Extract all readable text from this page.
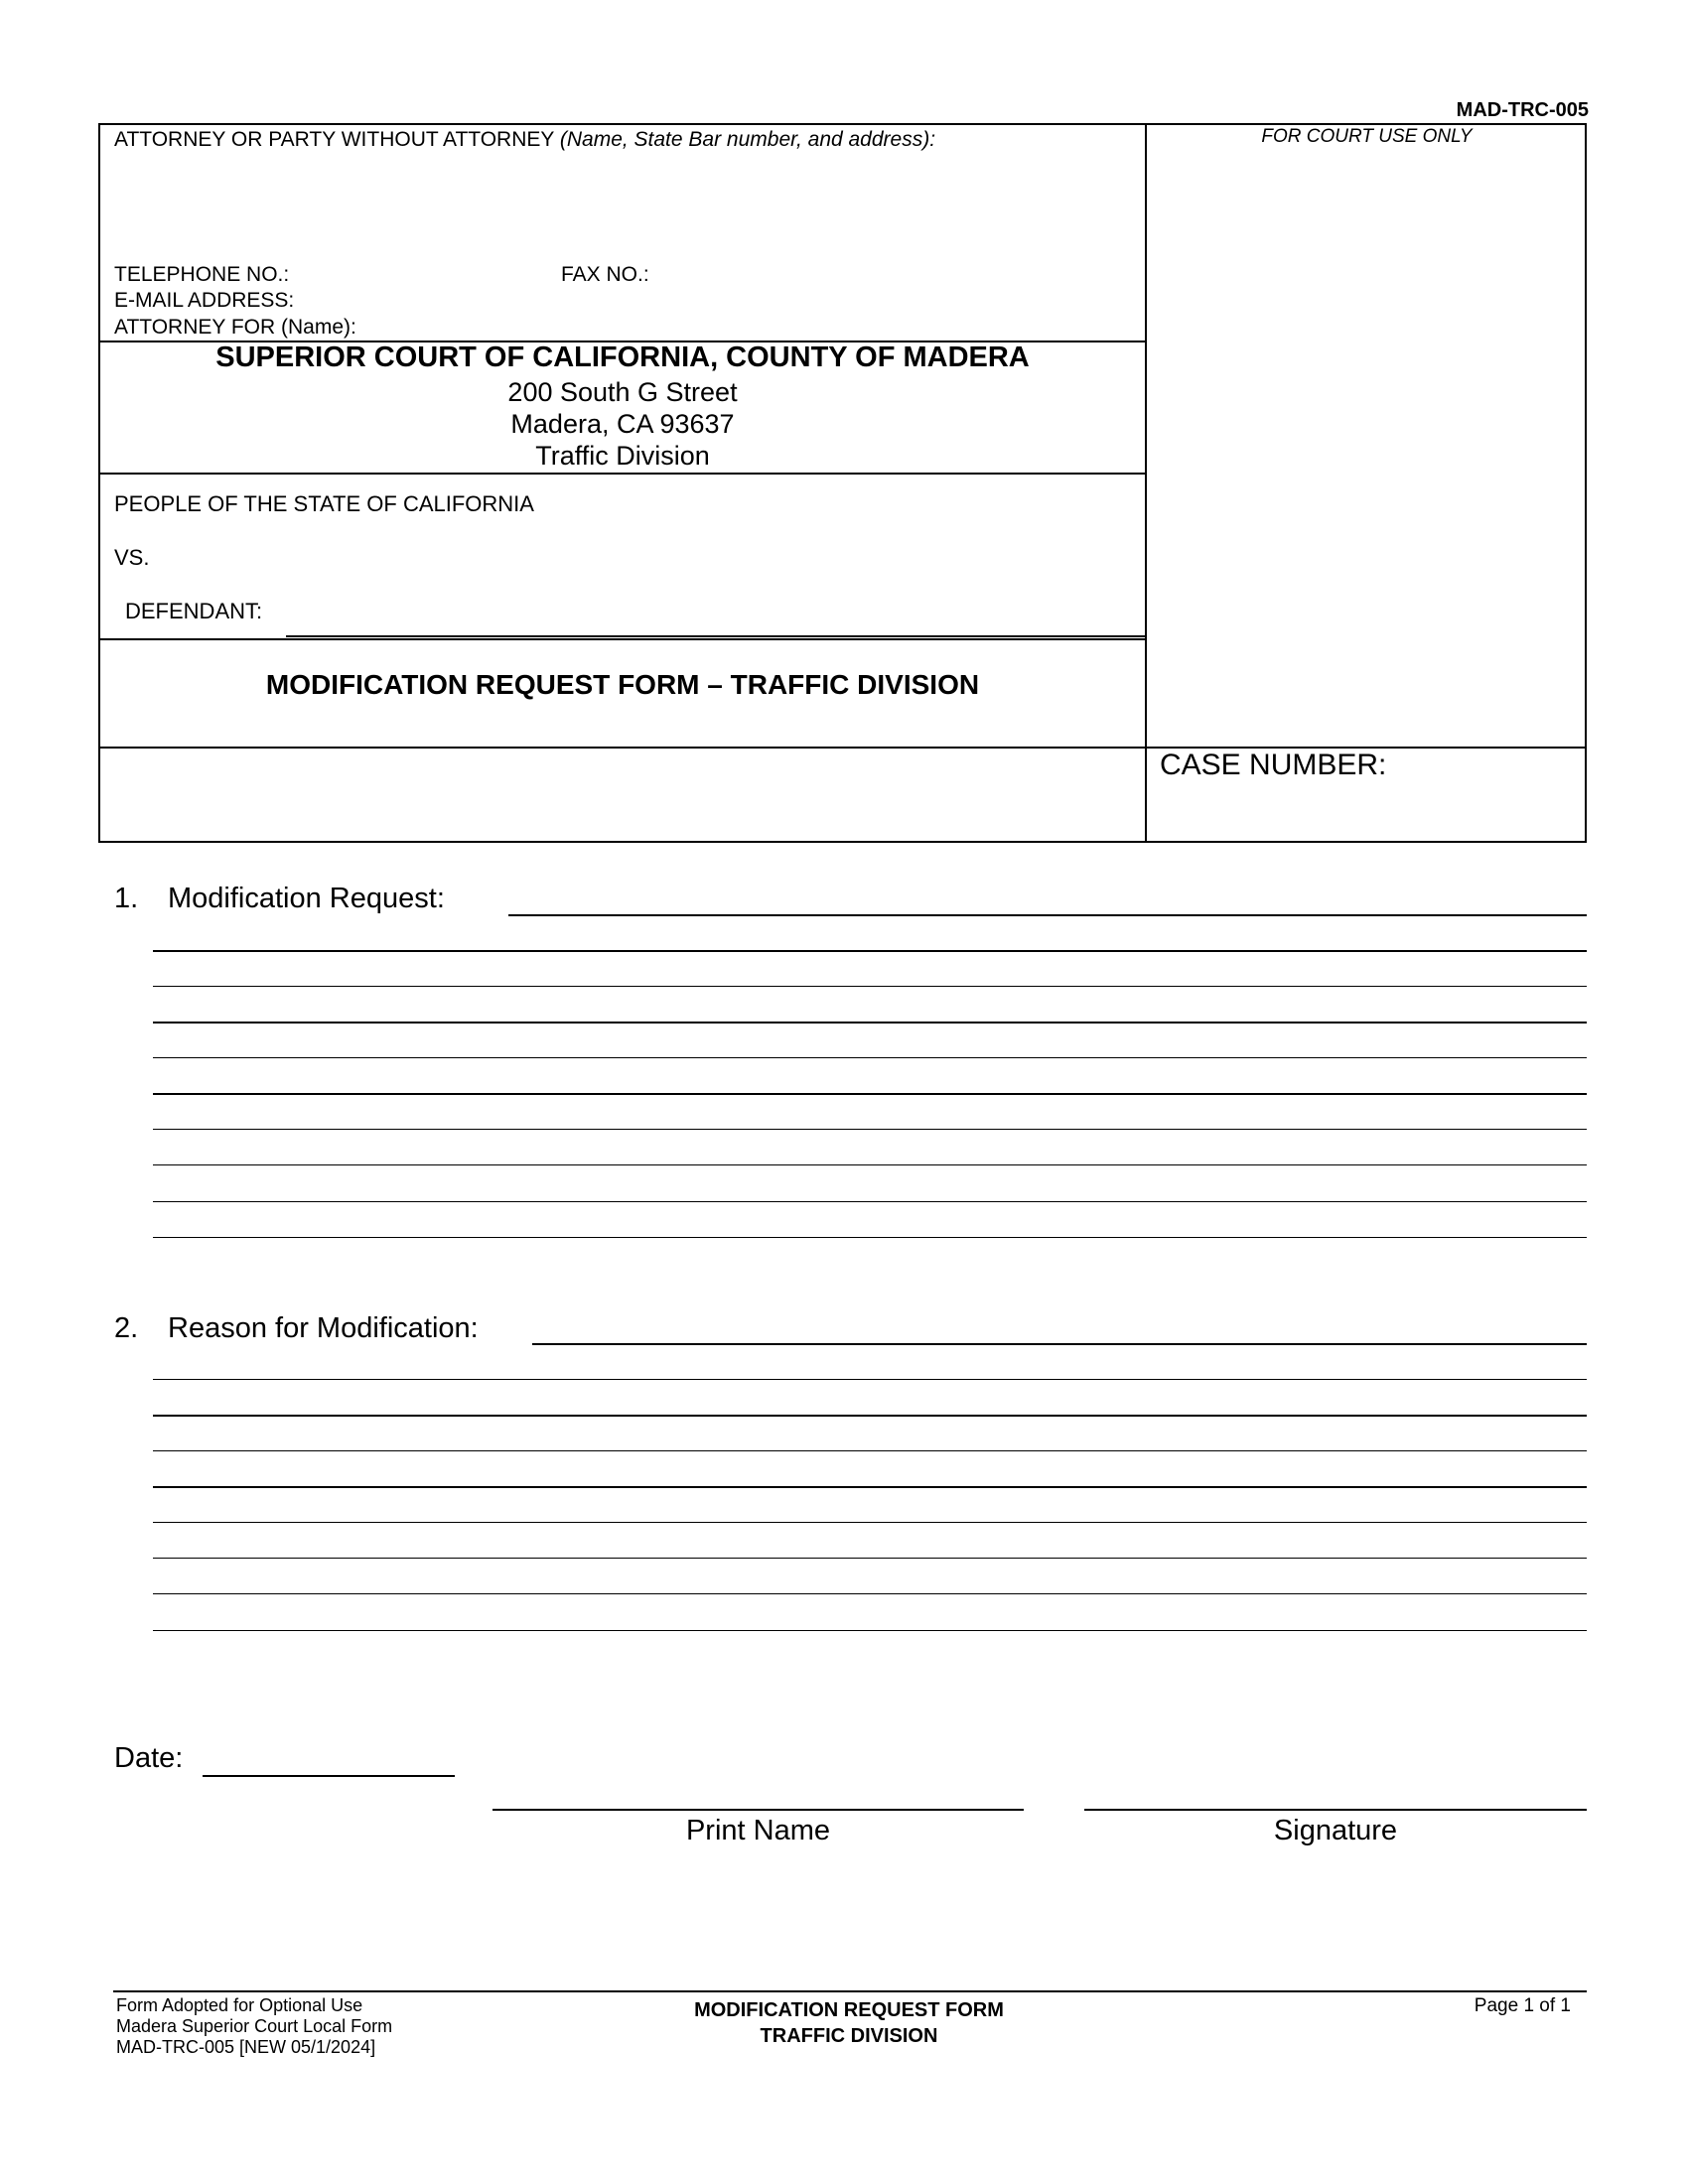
MAD-TRC-005
ATTORNEY OR PARTY WITHOUT ATTORNEY (Name, State Bar number, and address):
TELEPHONE NO.:	FAX NO.:
E-MAIL ADDRESS:
ATTORNEY FOR (Name):
FOR COURT USE ONLY
SUPERIOR COURT OF CALIFORNIA, COUNTY OF MADERA
200 South G Street
Madera, CA 93637
Traffic Division
PEOPLE OF THE STATE OF CALIFORNIA
VS.
DEFENDANT:
MODIFICATION REQUEST FORM – TRAFFIC DIVISION
CASE NUMBER:
1. Modification Request:
2. Reason for Modification:
Date:
Print Name	Signature
Form Adopted for Optional Use
Madera Superior Court Local Form
MAD-TRC-005 [NEW 05/1/2024]
MODIFICATION REQUEST FORM
TRAFFIC DIVISION
Page 1 of 1
